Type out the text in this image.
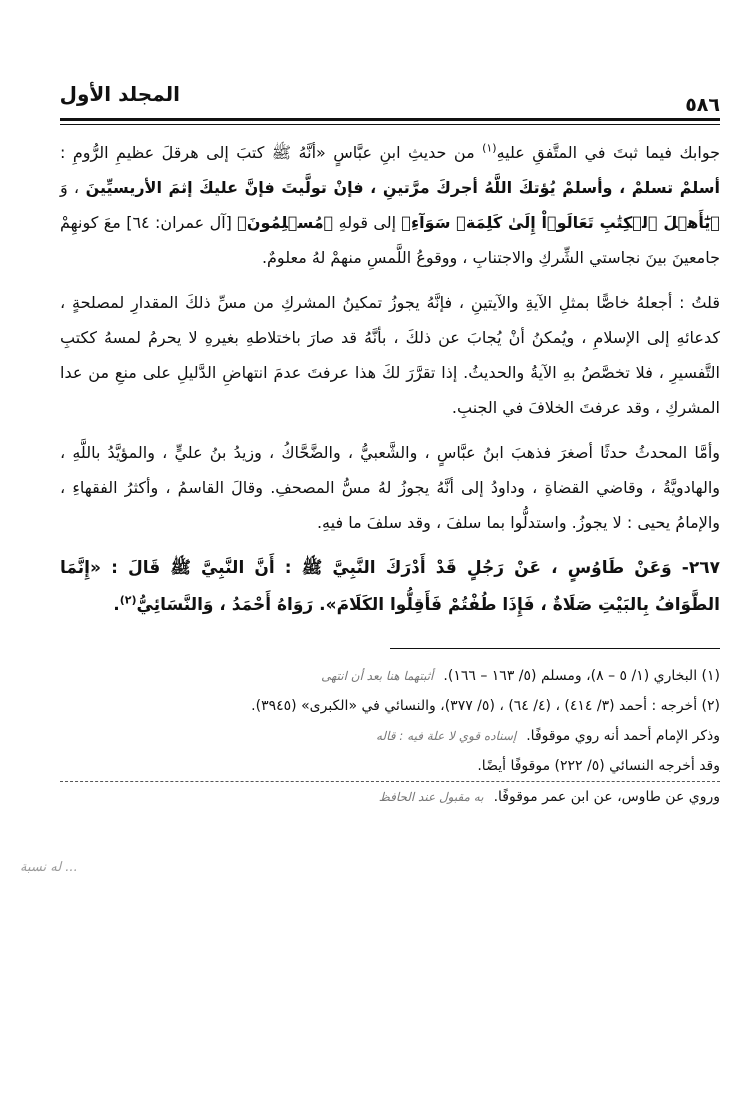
المجلد الأول	٥٨٦

جوابك فيما ثبتَ في المتَّفقِ عليهِ$^{(١)}$ من حديثِ ابنِ عبَّاسٍ «أنَّهُ ﷺ كتبَ إلى هرقلَ عظيمِ الرُّومِ : أسلمْ تسلمْ ، وأسلمْ يُؤتكَ اللَّهُ أجركَ مرَّتينِ ، فإنْ تولَّيتَ فإنَّ عليكَ إثمَ الأريسيِّينَ ، وَ ﴿يَٰٓأَهۡلَ ٱلۡكِتَٰبِ تَعَالَوۡاْ إِلَىٰ كَلِمَةٖ سَوَآءِ﴾ إلى قولهِ ﴿مُسۡلِمُونَ﴾ [آل عمران: ٦٤] معَ كونهِمْ جامعينَ بينَ نجاستي الشِّركِ والاجتنابِ ، ووقوعُ اللَّمسِ منهمْ لهُ معلومٌ.

قلتُ : أجعلهُ خاصًّا بمثلِ الآيةِ والآيتينِ ، فإنَّهُ يجوزُ تمكينُ المشركِ من مسِّ ذلكَ المقدارِ لمصلحةٍ ، كدعائهِ إلى الإسلامِ ، ويُمكنُ أنْ يُجابَ عن ذلكَ ، بأنَّهُ قد صارَ باختلاطهِ بغيرهِ لا يحرمُ لمسهُ ككتبِ التَّفسيرِ ، فلا تخصَّصُ بهِ الآيةُ والحديثُ. إذا تقرَّرَ لكَ هذا عرفتَ عدمَ انتهاضِ الدَّليلِ على منعِ من عدا المشركِ ، وقد عرفتَ الخلافَ في الجنبِ.

وأمَّا المحدثُ حدثًا أصغرَ فذهبَ ابنُ عبَّاسٍ ، والشَّعبيُّ ، والضَّحَّاكُ ، وزيدُ بنُ عليٍّ ، والمؤيَّدُ باللَّهِ ، والهادويَّةُ ، وقاضي القضاةِ ، وداودُ إلى أنَّهُ يجوزُ لهُ مسُّ المصحفِ. وقالَ القاسمُ ، وأكثرُ الفقهاءِ ، والإمامُ يحيى : لا يجوزُ. واستدلُّوا بما سلفَ ، وقد سلفَ ما فيهِ.

٢٦٧- وَعَنْ طَاوُسٍ ، عَنْ رَجُلٍ قَدْ أَدْرَكَ النَّبِيَّ ﷺ : أَنَّ النَّبِيَّ ﷺ قَالَ : «إِنَّمَا الطَّوَافُ بِالبَيْتِ صَلَاةٌ ، فَإِذَا طُفْتُمْ فَأَقِلُّوا الكَلَامَ». رَوَاهُ أَحْمَدُ ، وَالنَّسَائِيُّ$^{(٢)}$.

(١) البخاري (١/ ٥ – ٨)، ومسلم (٥/ ١٦٣ – ١٦٦).أثبتهما هنا بعد أن انتهى

(٢) أخرجه : أحمد (٣/ ٤١٤) ، (٤/ ٦٤) ، (٥/ ٣٧٧)، والنسائي في «الكبرى» (٣٩٤٥).

وذكر الإمام أحمد أنه روي موقوفًا.إسناده قوي لا علة فيه : قاله

وقد أخرجه النسائي (٥/ ٢٢٢) موقوفًا أيضًا.

وروي عن طاوس، عن ابن عمر موقوفًا.به مقبول عند الحافظ

... له نسبة
